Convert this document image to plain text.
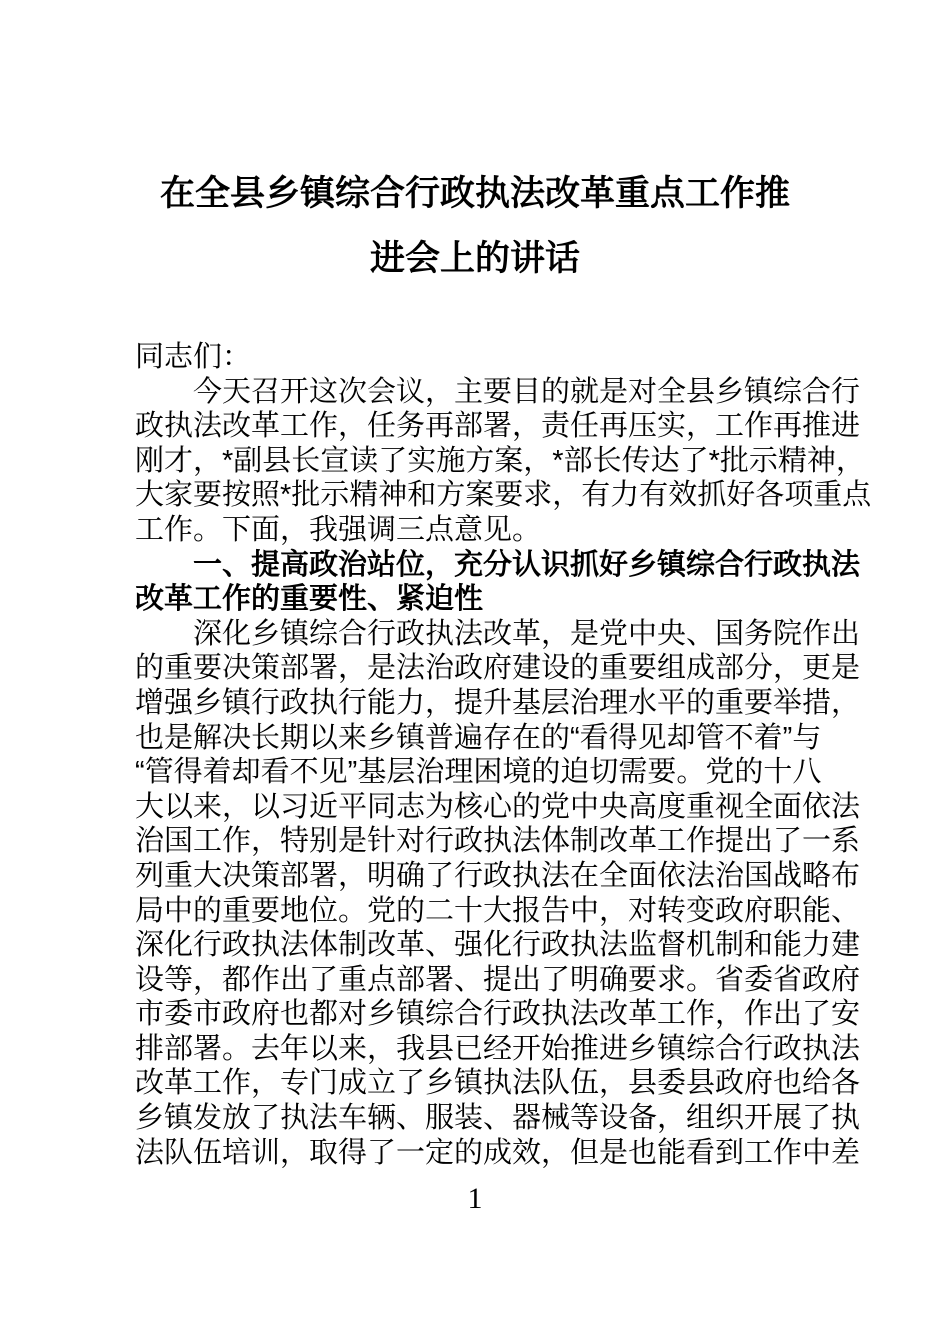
在全县乡镇综合行政执法改革重点工作推
进会上的讲话
同志们：
今天召开这次会议，主要目的就是对全县乡镇综合行
政执法改革工作，任务再部署，责任再压实，工作再推进
刚才，*副县长宣读了实施方案，*部长传达了*批示精神，
大家要按照*批示精神和方案要求，有力有效抓好各项重点
工作。下面，我强调三点意见。
一、提高政治站位，充分认识抓好乡镇综合行政执法
改革工作的重要性、紧迫性
深化乡镇综合行政执法改革，是党中央、国务院作出
的重要决策部署，是法治政府建设的重要组成部分，更是
增强乡镇行政执行能力，提升基层治理水平的重要举措，
也是解决长期以来乡镇普遍存在的“看得见却管不着”与
“管得着却看不见”基层治理困境的迫切需要。党的十八
大以来，以习近平同志为核心的党中央高度重视全面依法
治国工作，特别是针对行政执法体制改革工作提出了一系
列重大决策部署，明确了行政执法在全面依法治国战略布
局中的重要地位。党的二十大报告中，对转变政府职能、
深化行政执法体制改革、强化行政执法监督机制和能力建
设等，都作出了重点部署、提出了明确要求。省委省政府
市委市政府也都对乡镇综合行政执法改革工作，作出了安
排部署。去年以来，我县已经开始推进乡镇综合行政执法
改革工作，专门成立了乡镇执法队伍，县委县政府也给各
乡镇发放了执法车辆、服装、器械等设备，组织开展了执
法队伍培训，取得了一定的成效，但是也能看到工作中差
1
